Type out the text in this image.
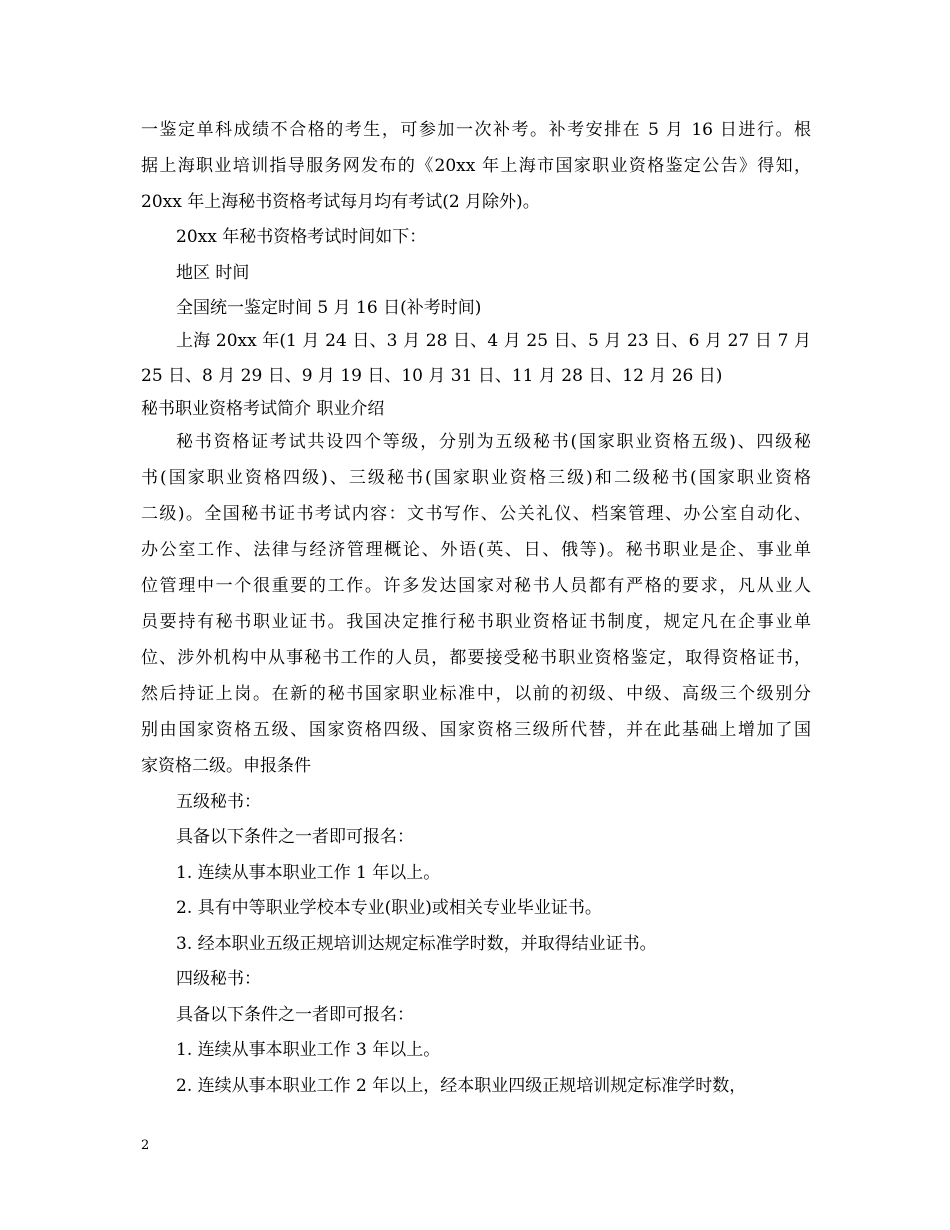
一鉴定单科成绩不合格的考生，可参加一次补考。补考安排在 5 月 16 日进行。根
据上海职业培训指导服务网发布的《20xx 年上海市国家职业资格鉴定公告》得知，
20xx 年上海秘书资格考试每月均有考试(2 月除外)。
20xx 年秘书资格考试时间如下：
地区 时间
全国统一鉴定时间 5 月 16 日(补考时间)
上海 20xx 年(1 月 24 日、3 月 28 日、4 月 25 日、5 月 23 日、6 月 27 日 7 月
25 日、8 月 29 日、9 月 19 日、10 月 31 日、11 月 28 日、12 月 26 日)
秘书职业资格考试简介 职业介绍
秘书资格证考试共设四个等级，分别为五级秘书(国家职业资格五级)、四级秘
书(国家职业资格四级)、三级秘书(国家职业资格三级)和二级秘书(国家职业资格
二级)。全国秘书证书考试内容：文书写作、公关礼仪、档案管理、办公室自动化、
办公室工作、法律与经济管理概论、外语(英、日、俄等)。秘书职业是企、事业单
位管理中一个很重要的工作。许多发达国家对秘书人员都有严格的要求，凡从业人
员要持有秘书职业证书。我国决定推行秘书职业资格证书制度，规定凡在企事业单
位、涉外机构中从事秘书工作的人员，都要接受秘书职业资格鉴定，取得资格证书，
然后持证上岗。在新的秘书国家职业标准中，以前的初级、中级、高级三个级别分
别由国家资格五级、国家资格四级、国家资格三级所代替，并在此基础上增加了国
家资格二级。申报条件
五级秘书：
具备以下条件之一者即可报名：
1. 连续从事本职业工作 1 年以上。
2. 具有中等职业学校本专业(职业)或相关专业毕业证书。
3. 经本职业五级正规培训达规定标准学时数，并取得结业证书。
四级秘书：
具备以下条件之一者即可报名：
1. 连续从事本职业工作 3 年以上。
2. 连续从事本职业工作 2 年以上，经本职业四级正规培训规定标准学时数，
2
